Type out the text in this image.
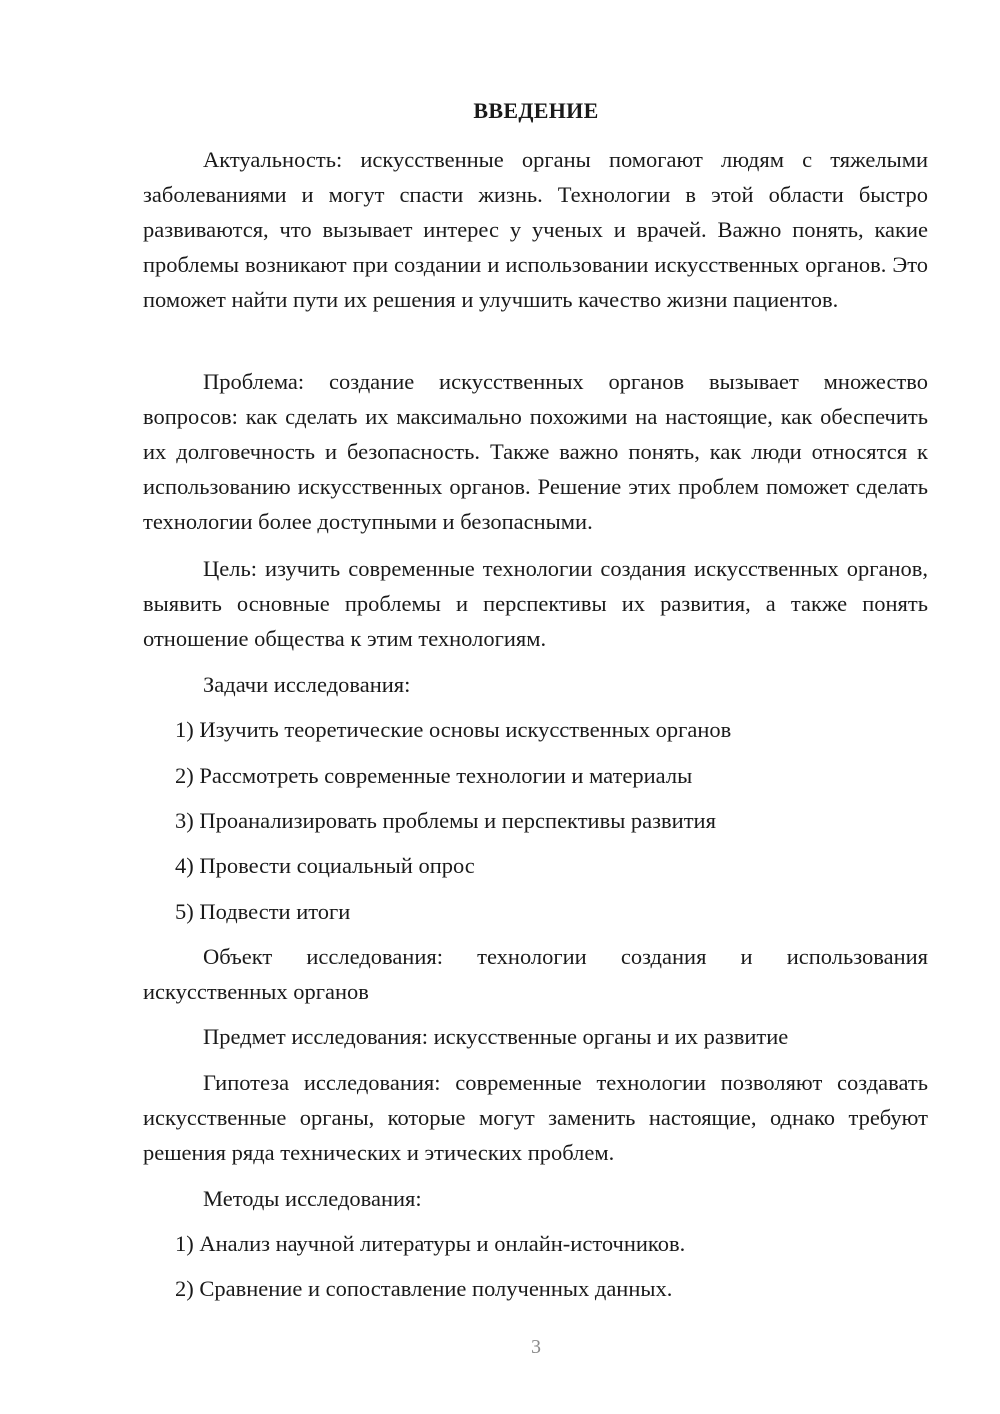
ВВЕДЕНИЕ

Актуальность: искусственные органы помогают людям с тяжелыми заболеваниями и могут спасти жизнь. Технологии в этой области быстро развиваются, что вызывает интерес у ученых и врачей. Важно понять, какие проблемы возникают при создании и использовании искусственных органов. Это поможет найти пути их решения и улучшить качество жизни пациентов.

Проблема: создание искусственных органов вызывает множество вопросов: как сделать их максимально похожими на настоящие, как обеспечить их долговечность и безопасность. Также важно понять, как люди относятся к использованию искусственных органов. Решение этих проблем поможет сделать технологии более доступными и безопасными.

Цель: изучить современные технологии создания искусственных органов, выявить основные проблемы и перспективы их развития, а также понять отношение общества к этим технологиям.

Задачи исследования:

1) Изучить теоретические основы искусственных органов

2) Рассмотреть современные технологии и материалы

3) Проанализировать проблемы и перспективы развития

4) Провести социальный опрос

5) Подвести итоги

Объект исследования: технологии создания и использования искусственных органов

Предмет исследования: искусственные органы и их развитие

Гипотеза исследования: современные технологии позволяют создавать искусственные органы, которые могут заменить настоящие, однако требуют решения ряда технических и этических проблем.

Методы исследования:

1) Анализ научной литературы и онлайн-источников.

2) Сравнение и сопоставление полученных данных.

3
